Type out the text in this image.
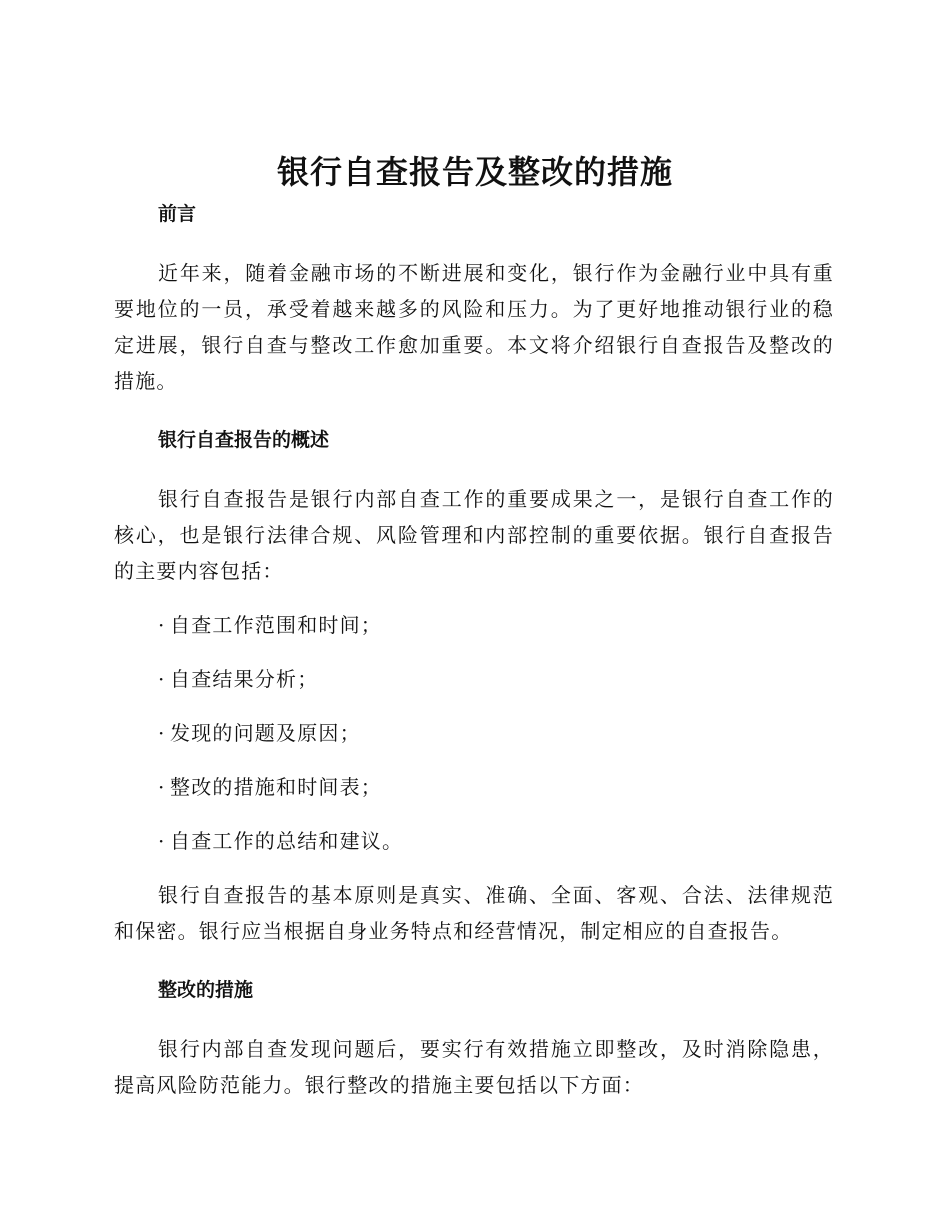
银行自查报告及整改的措施

前言

近年来，随着金融市场的不断进展和变化，银行作为金融行业中具有重要地位的一员，承受着越来越多的风险和压力。为了更好地推动银行业的稳定进展，银行自查与整改工作愈加重要。本文将介绍银行自查报告及整改的措施。

银行自查报告的概述

银行自查报告是银行内部自查工作的重要成果之一，是银行自查工作的核心，也是银行法律合规、风险管理和内部控制的重要依据。银行自查报告的主要内容包括：

· 自查工作范围和时间；
· 自查结果分析；
· 发现的问题及原因；
· 整改的措施和时间表；
· 自查工作的总结和建议。

银行自查报告的基本原则是真实、准确、全面、客观、合法、法律规范和保密。银行应当根据自身业务特点和经营情况，制定相应的自查报告。

整改的措施

银行内部自查发现问题后，要实行有效措施立即整改，及时消除隐患，提高风险防范能力。银行整改的措施主要包括以下方面：
